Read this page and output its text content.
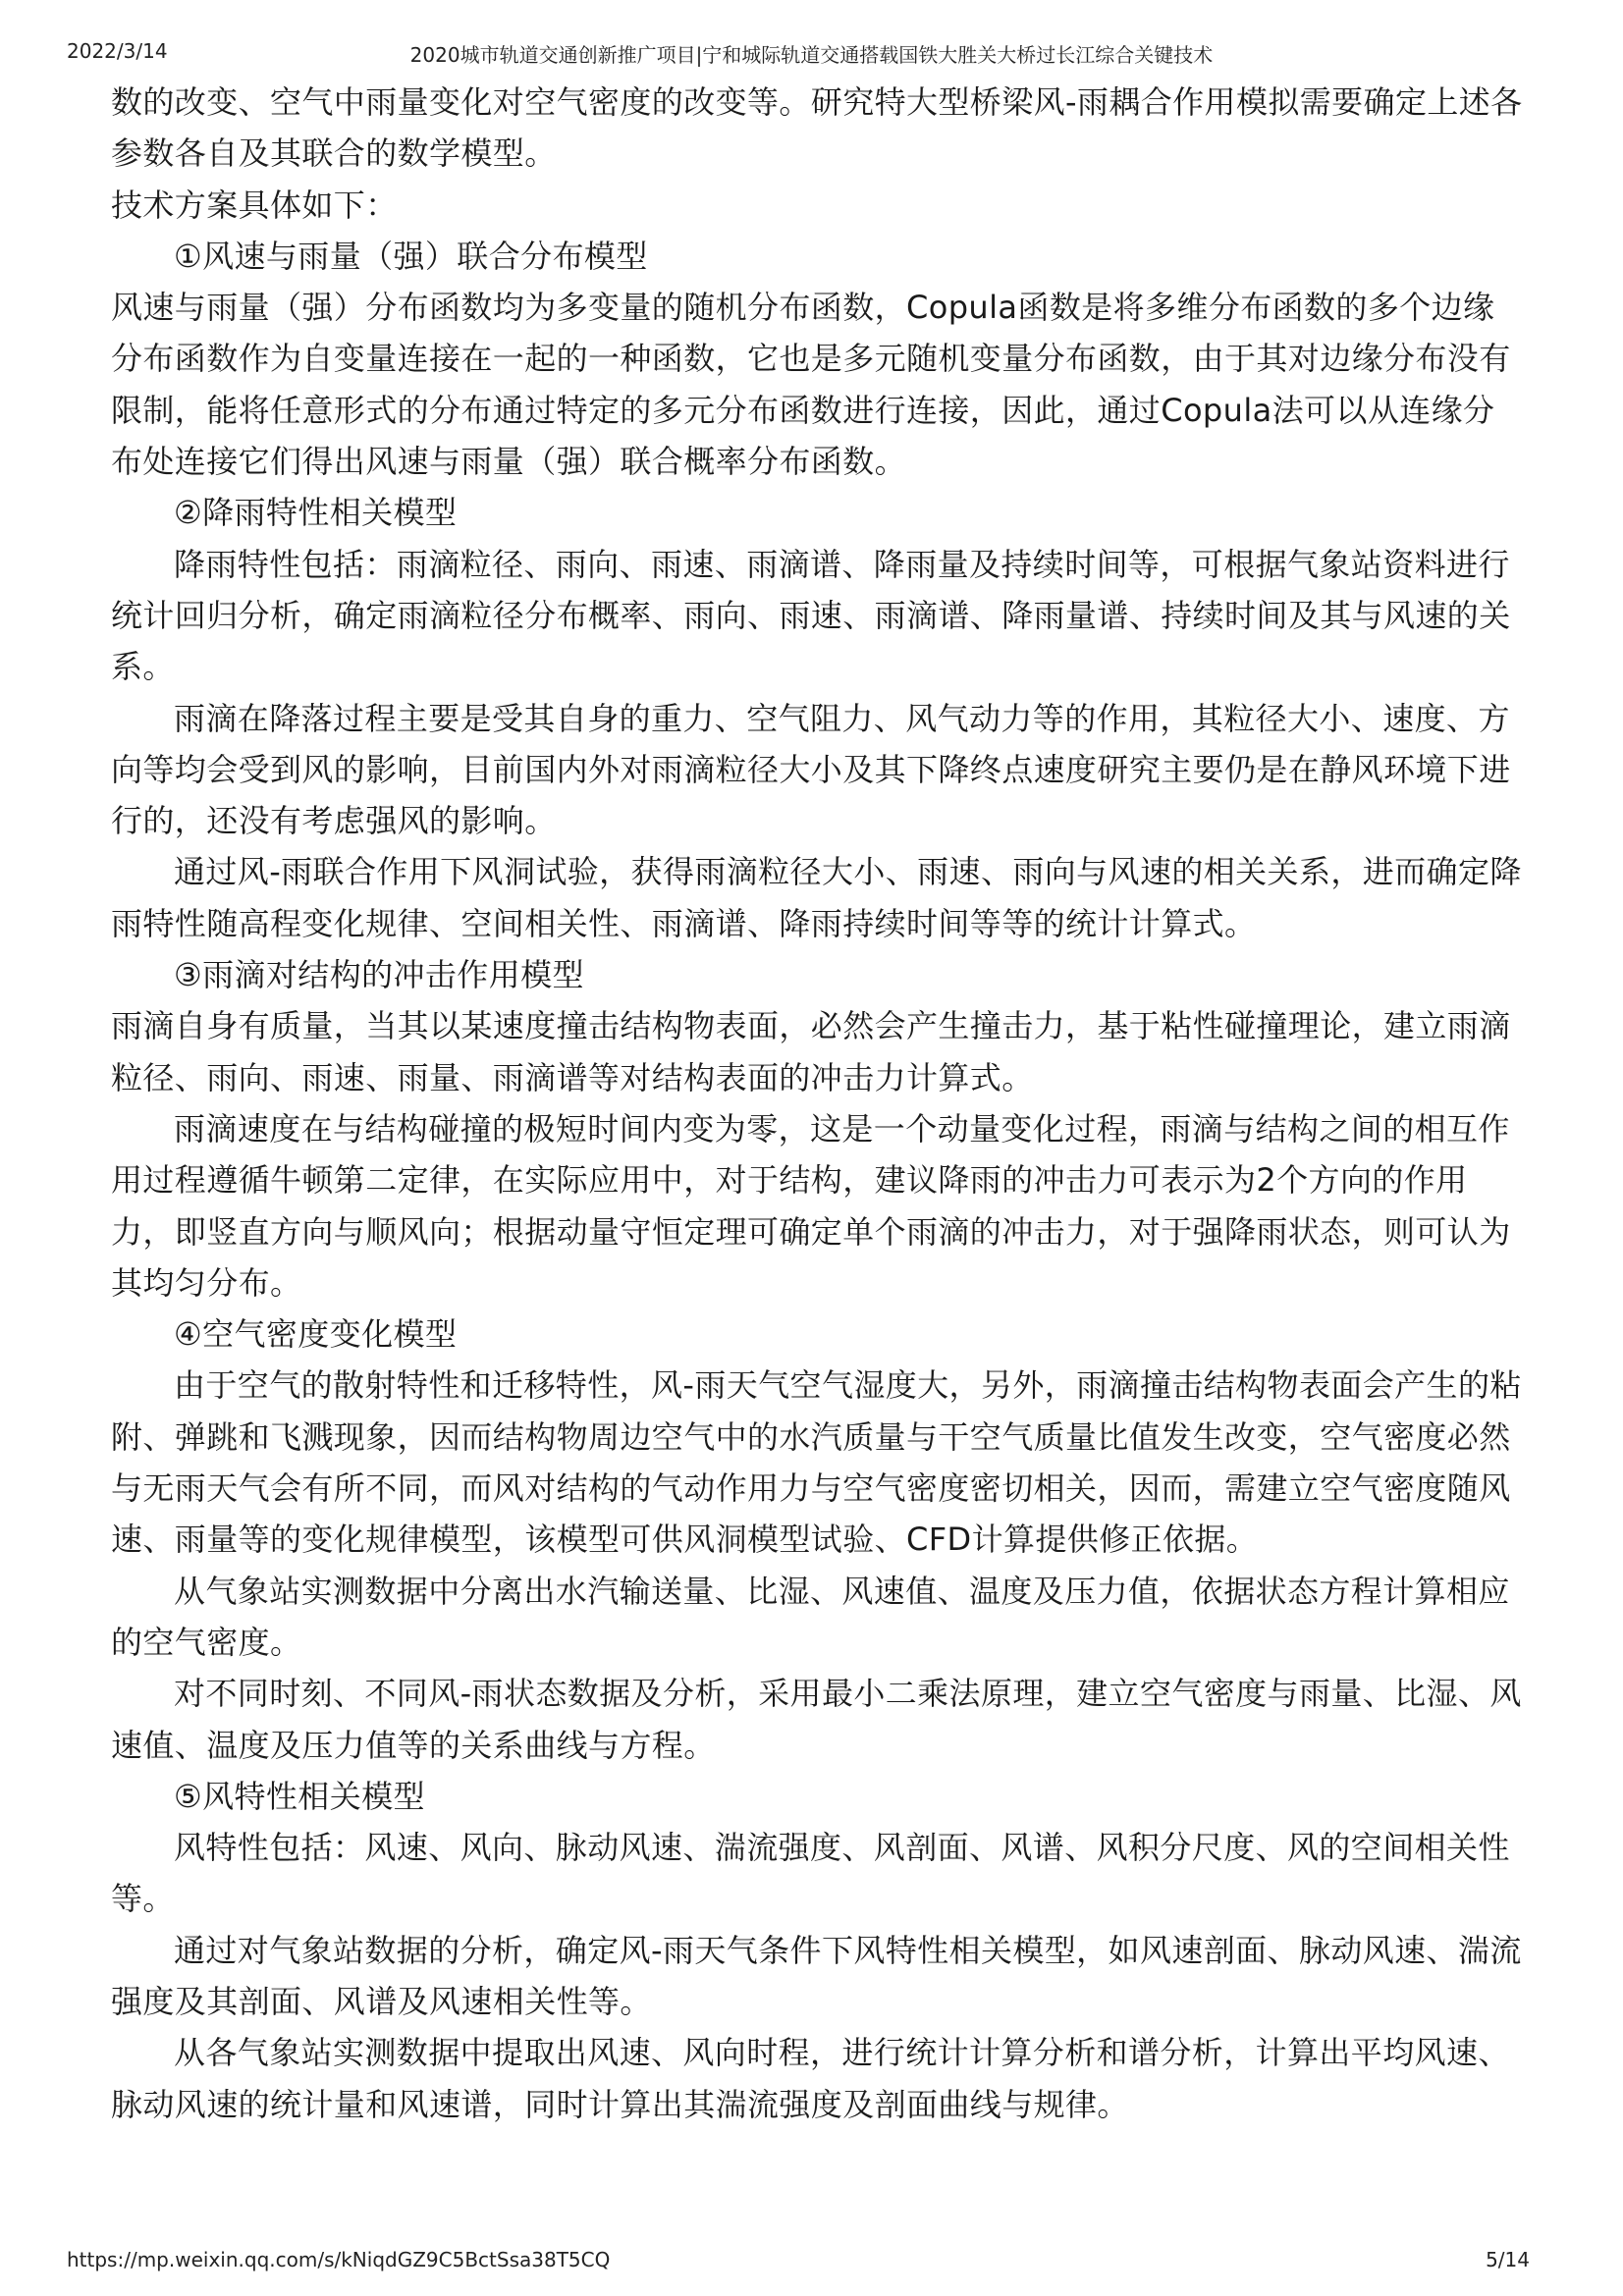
2022/3/14	2020城市轨道交通创新推广项目|宁和城际轨道交通搭载国铁大胜关大桥过长江综合关键技术

数的改变、空气中雨量变化对空气密度的改变等。研究特大型桥梁风-雨耦合作用模拟需要确定上述各参数各自及其联合的数学模型。

技术方案具体如下：

①风速与雨量（强）联合分布模型

风速与雨量（强）分布函数均为多变量的随机分布函数，Copula函数是将多维分布函数的多个边缘分布函数作为自变量连接在一起的一种函数，它也是多元随机变量分布函数，由于其对边缘分布没有限制，能将任意形式的分布通过特定的多元分布函数进行连接，因此，通过Copula法可以从连缘分布处连接它们得出风速与雨量（强）联合概率分布函数。

②降雨特性相关模型

降雨特性包括：雨滴粒径、雨向、雨速、雨滴谱、降雨量及持续时间等，可根据气象站资料进行统计回归分析，确定雨滴粒径分布概率、雨向、雨速、雨滴谱、降雨量谱、持续时间及其与风速的关系。

雨滴在降落过程主要是受其自身的重力、空气阻力、风气动力等的作用，其粒径大小、速度、方向等均会受到风的影响，目前国内外对雨滴粒径大小及其下降终点速度研究主要仍是在静风环境下进行的，还没有考虑强风的影响。

通过风-雨联合作用下风洞试验，获得雨滴粒径大小、雨速、雨向与风速的相关关系，进而确定降雨特性随高程变化规律、空间相关性、雨滴谱、降雨持续时间等等的统计计算式。

③雨滴对结构的冲击作用模型

雨滴自身有质量，当其以某速度撞击结构物表面，必然会产生撞击力，基于粘性碰撞理论，建立雨滴粒径、雨向、雨速、雨量、雨滴谱等对结构表面的冲击力计算式。

雨滴速度在与结构碰撞的极短时间内变为零，这是一个动量变化过程，雨滴与结构之间的相互作用过程遵循牛顿第二定律，在实际应用中，对于结构，建议降雨的冲击力可表示为2个方向的作用力，即竖直方向与顺风向；根据动量守恒定理可确定单个雨滴的冲击力，对于强降雨状态，则可认为其均匀分布。

④空气密度变化模型

由于空气的散射特性和迁移特性，风-雨天气空气湿度大，另外，雨滴撞击结构物表面会产生的粘附、弹跳和飞溅现象，因而结构物周边空气中的水汽质量与干空气质量比值发生改变，空气密度必然与无雨天气会有所不同，而风对结构的气动作用力与空气密度密切相关，因而，需建立空气密度随风速、雨量等的变化规律模型，该模型可供风洞模型试验、CFD计算提供修正依据。

从气象站实测数据中分离出水汽输送量、比湿、风速值、温度及压力值，依据状态方程计算相应的空气密度。

对不同时刻、不同风-雨状态数据及分析，采用最小二乘法原理，建立空气密度与雨量、比湿、风速值、温度及压力值等的关系曲线与方程。

⑤风特性相关模型

风特性包括：风速、风向、脉动风速、湍流强度、风剖面、风谱、风积分尺度、风的空间相关性等。

通过对气象站数据的分析，确定风-雨天气条件下风特性相关模型，如风速剖面、脉动风速、湍流强度及其剖面、风谱及风速相关性等。

从各气象站实测数据中提取出风速、风向时程，进行统计计算分析和谱分析，计算出平均风速、脉动风速的统计量和风速谱，同时计算出其湍流强度及剖面曲线与规律。

https://mp.weixin.qq.com/s/kNiqdGZ9C5BctSsa38T5CQ	5/14
